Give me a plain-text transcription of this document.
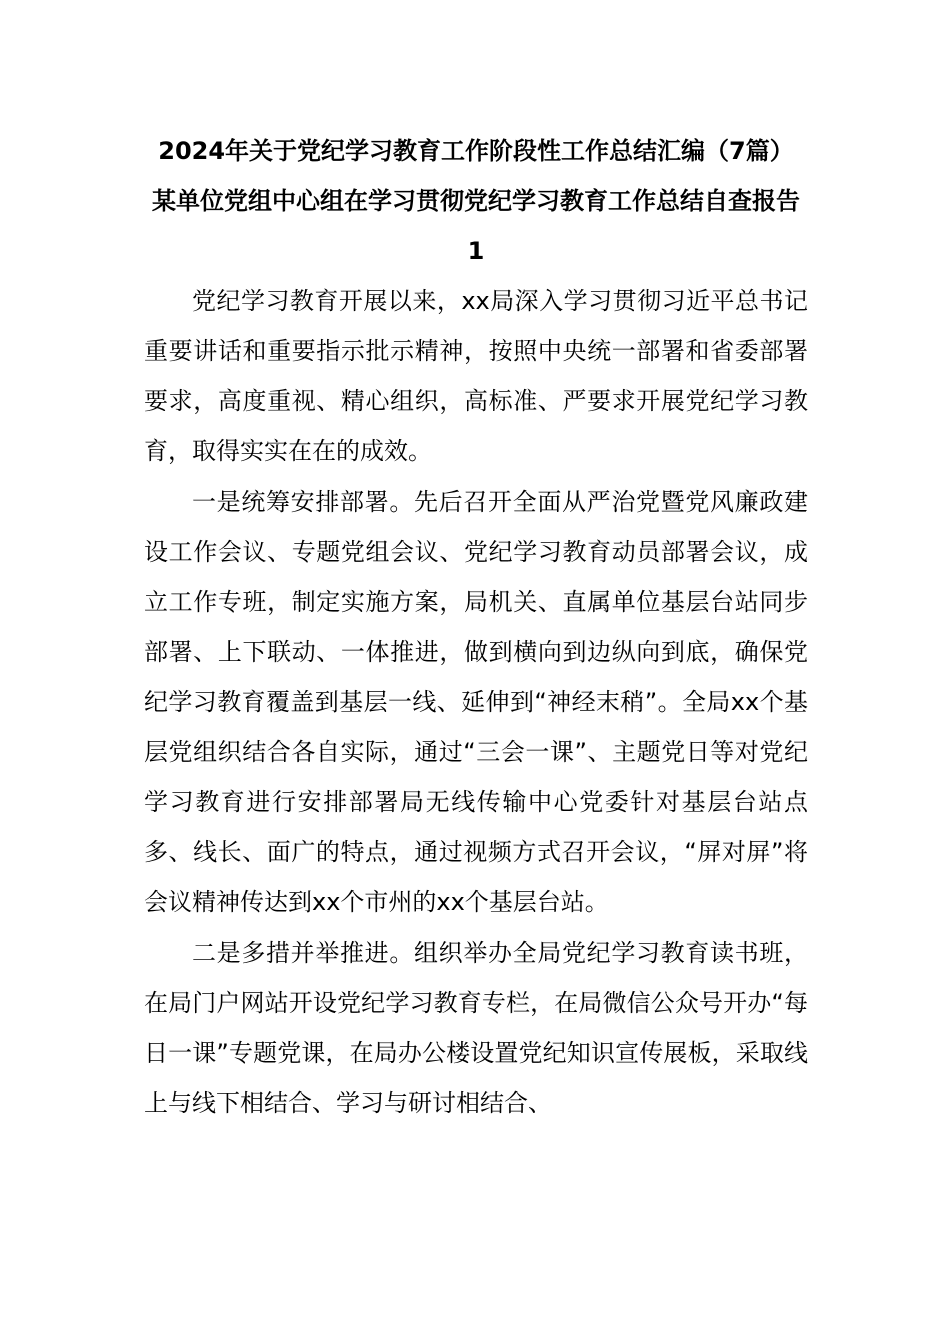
2024年关于党纪学习教育工作阶段性工作总结汇编（7篇）
某单位党组中心组在学习贯彻党纪学习教育工作总结自查报告 1

党纪学习教育开展以来，xx局深入学习贯彻习近平总书记重要讲话和重要指示批示精神，按照中央统一部署和省委部署要求，高度重视、精心组织，高标准、严要求开展党纪学习教育，取得实实在在的成效。

一是统筹安排部署。先后召开全面从严治党暨党风廉政建设工作会议、专题党组会议、党纪学习教育动员部署会议，成立工作专班，制定实施方案，局机关、直属单位基层台站同步部署、上下联动、一体推进，做到横向到边纵向到底，确保党纪学习教育覆盖到基层一线、延伸到“神经末稍”。全局xx个基层党组织结合各自实际，通过“三会一课”、主题党日等对党纪学习教育进行安排部署局无线传输中心党委针对基层台站点多、线长、面广的特点，通过视频方式召开会议，“屏对屏”将会议精神传达到xx个市州的xx个基层台站。

二是多措并举推进。组织举办全局党纪学习教育读书班，在局门户网站开设党纪学习教育专栏，在局微信公众号开办“每日一课”专题党课，在局办公楼设置党纪知识宣传展板，采取线上与线下相结合、学习与研讨相结合、
